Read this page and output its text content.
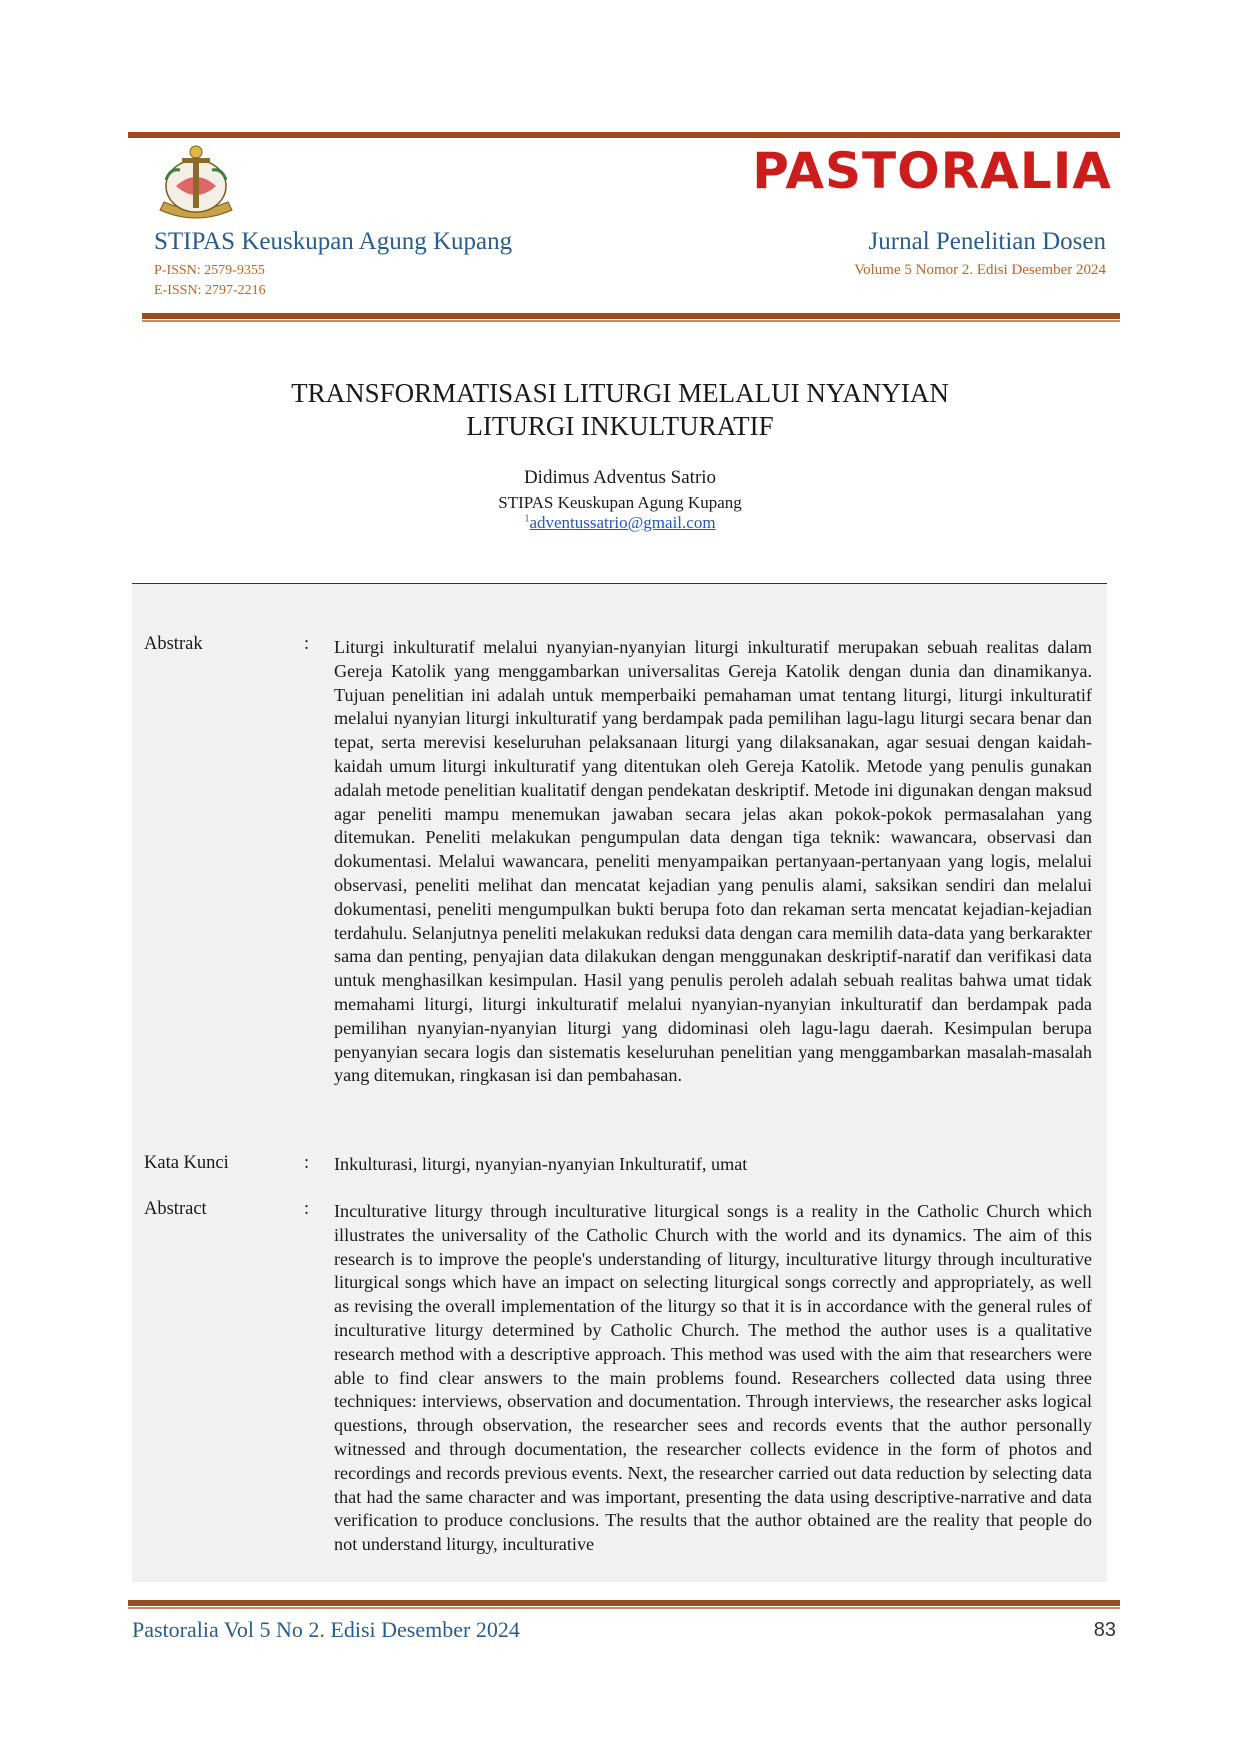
PASTORALIA
STIPAS Keuskupan Agung Kupang
P-ISSN: 2579-9355
E-ISSN: 2797-2216
Jurnal Penelitian Dosen
Volume 5 Nomor 2. Edisi Desember 2024
TRANSFORMATISASI LITURGI MELALUI NYANYIAN
LITURGI INKULTURATIF
Didimus Adventus Satrio
STIPAS Keuskupan Agung Kupang
$^1$adventussatrio@gmail.com
Abstrak	: Liturgi inkulturatif melalui nyanyian-nyanyian liturgi inkulturatif merupakan sebuah realitas dalam Gereja Katolik yang menggambarkan universalitas Gereja Katolik dengan dunia dan dinamikanya. Tujuan penelitian ini adalah untuk memperbaiki pemahaman umat tentang liturgi, liturgi inkulturatif melalui nyanyian liturgi inkulturatif yang berdampak pada pemilihan lagu-lagu liturgi secara benar dan tepat, serta merevisi keseluruhan pelaksanaan liturgi yang dilaksanakan, agar sesuai dengan kaidah-kaidah umum liturgi inkulturatif yang ditentukan oleh Gereja Katolik. Metode yang penulis gunakan adalah metode penelitian kualitatif dengan pendekatan deskriptif. Metode ini digunakan dengan maksud agar peneliti mampu menemukan jawaban secara jelas akan pokok-pokok permasalahan yang ditemukan. Peneliti melakukan pengumpulan data dengan tiga teknik: wawancara, observasi dan dokumentasi. Melalui wawancara, peneliti menyampaikan pertanyaan-pertanyaan yang logis, melalui observasi, peneliti melihat dan mencatat kejadian yang penulis alami, saksikan sendiri dan melalui dokumentasi, peneliti mengumpulkan bukti berupa foto dan rekaman serta mencatat kejadian-kejadian terdahulu. Selanjutnya peneliti melakukan reduksi data dengan cara memilih data-data yang berkarakter sama dan penting, penyajian data dilakukan dengan menggunakan deskriptif-naratif dan verifikasi data untuk menghasilkan kesimpulan. Hasil yang penulis peroleh adalah sebuah realitas bahwa umat tidak memahami liturgi, liturgi inkulturatif melalui nyanyian-nyanyian inkulturatif dan berdampak pada pemilihan nyanyian-nyanyian liturgi yang didominasi oleh lagu-lagu daerah. Kesimpulan berupa penyanyian secara logis dan sistematis keseluruhan penelitian yang menggambarkan masalah-masalah yang ditemukan, ringkasan isi dan pembahasan.
Kata Kunci	: Inkulturasi, liturgi, nyanyian-nyanyian Inkulturatif, umat
Abstract	: Inculturative liturgy through inculturative liturgical songs is a reality in the Catholic Church which illustrates the universality of the Catholic Church with the world and its dynamics. The aim of this research is to improve the people's understanding of liturgy, inculturative liturgy through inculturative liturgical songs which have an impact on selecting liturgical songs correctly and appropriately, as well as revising the overall implementation of the liturgy so that it is in accordance with the general rules of inculturative liturgy determined by Catholic Church. The method the author uses is a qualitative research method with a descriptive approach. This method was used with the aim that researchers were able to find clear answers to the main problems found. Researchers collected data using three techniques: interviews, observation and documentation. Through interviews, the researcher asks logical questions, through observation, the researcher sees and records events that the author personally witnessed and through documentation, the researcher collects evidence in the form of photos and recordings and records previous events. Next, the researcher carried out data reduction by selecting data that had the same character and was important, presenting the data using descriptive-narrative and data verification to produce conclusions. The results that the author obtained are the reality that people do not understand liturgy, inculturative
Pastoralia Vol 5 No 2. Edisi Desember 2024	83
